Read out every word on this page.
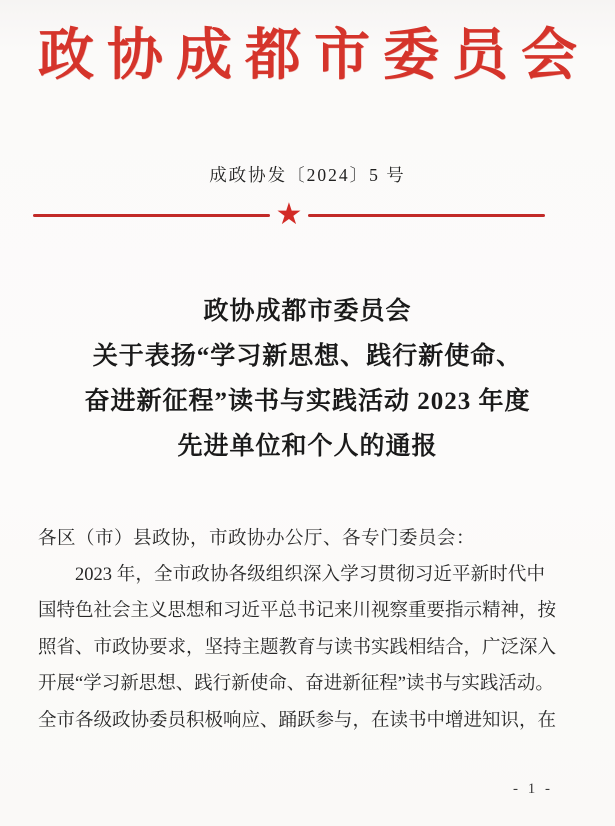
政协成都市委员会
成政协发〔2024〕5 号
★
政协成都市委员会
关于表扬“学习新思想、践行新使命、
奋进新征程”读书与实践活动 2023 年度
先进单位和个人的通报
各区（市）县政协，市政协办公厅、各专门委员会：
2023 年，全市政协各级组织深入学习贯彻习近平新时代中
国特色社会主义思想和习近平总书记来川视察重要指示精神，按
照省、市政协要求，坚持主题教育与读书实践相结合，广泛深入
开展“学习新思想、践行新使命、奋进新征程”读书与实践活动。
全市各级政协委员积极响应、踊跃参与，在读书中增进知识，在
- 1 -
